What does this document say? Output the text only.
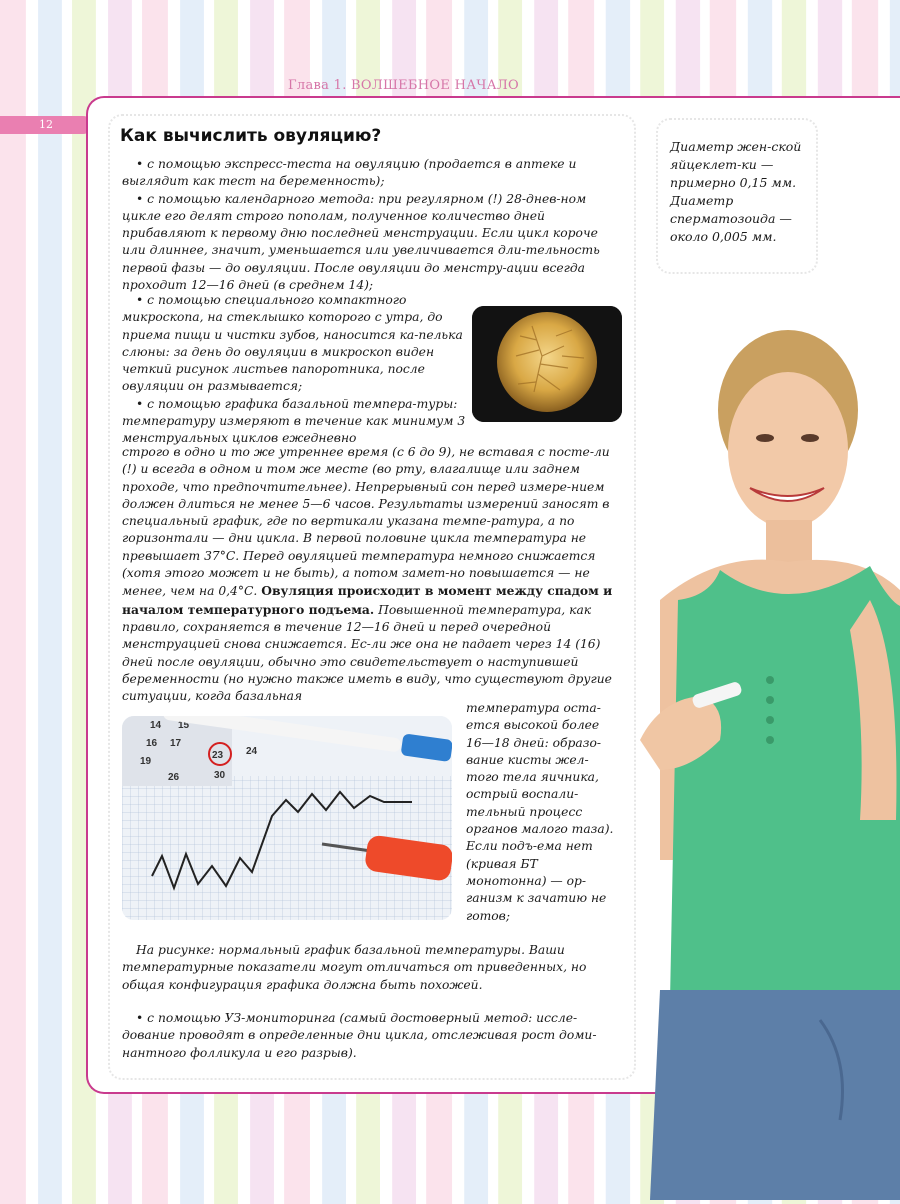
Глава 1. ВОЛШЕБНОЕ НАЧАЛО
12
Диаметр жен-ской яйцеклет-ки — примерно 0,15 мм. Диаметр сперматозоида — около 0,005 мм.
Как вычислить овуляцию?
• с помощью экспресс-теста на овуляцию (продается в аптеке и выглядит как тест на беременность);
• с помощью календарного метода: при регулярном (!) 28-днев-ном цикле его делят строго пополам, полученное количество дней прибавляют к первому дню последней менструации. Если цикл короче или длиннее, значит, уменьшается или увеличивается дли-тельность первой фазы — до овуляции. После овуляции до менстру-ации всегда проходит 12—16 дней (в среднем 14);
• с помощью специального компактного микроскопа, на стеклышко которого с утра, до приема пищи и чистки зубов, наносится ка-пелька слюны: за день до овуляции в микроскоп виден четкий рисунок листьев папоротника, после овуляции он размывается;
• с помощью графика базальной темпера-туры: температуру измеряют в течение как минимум 3 менструальных циклов ежедневно
строго в одно и то же утреннее время (с 6 до 9), не вставая с посте-ли (!) и всегда в одном и том же месте (во рту, влагалище или заднем проходе, что предпочтительнее). Непрерывный сон перед измере-нием должен длиться не менее 5—6 часов. Результаты измерений заносят в специальный график, где по вертикали указана темпе-ратура, а по горизонтали — дни цикла. В первой половине цикла температура не превышает 37°С. Перед овуляцией температура немного снижается (хотя этого может и не быть), а потом замет-но повышается — не менее, чем на 0,4°С. Овуляция происходит в момент между спадом и началом температурного подъема. Повышенной температура, как правило, сохраняется в течение 12—16 дней и перед очередной менструацией снова снижается. Ес-ли же она не падает через 14 (16) дней после овуляции, обычно это свидетельствует о наступившей беременности (но нужно также иметь в виду, что существуют другие ситуации, когда базальная
14 15
16 17
19
23 24
26	30
температура оста-ется высокой более 16—18 дней: образо-вание кисты жел-того тела яичника, острый воспали-тельный процесс органов малого таза). Если подъ-ема нет (кривая БТ монотонна) — ор-ганизм к зачатию не готов;
На рисунке: нормальный график базальной температуры. Ваши температурные показатели могут отличаться от приведенных, но общая конфигурация графика должна быть похожей.
• с помощью УЗ-мониторинга (самый достоверный метод: иссле-дование проводят в определенные дни цикла, отслеживая рост доми-нантного фолликула и его разрыв).
